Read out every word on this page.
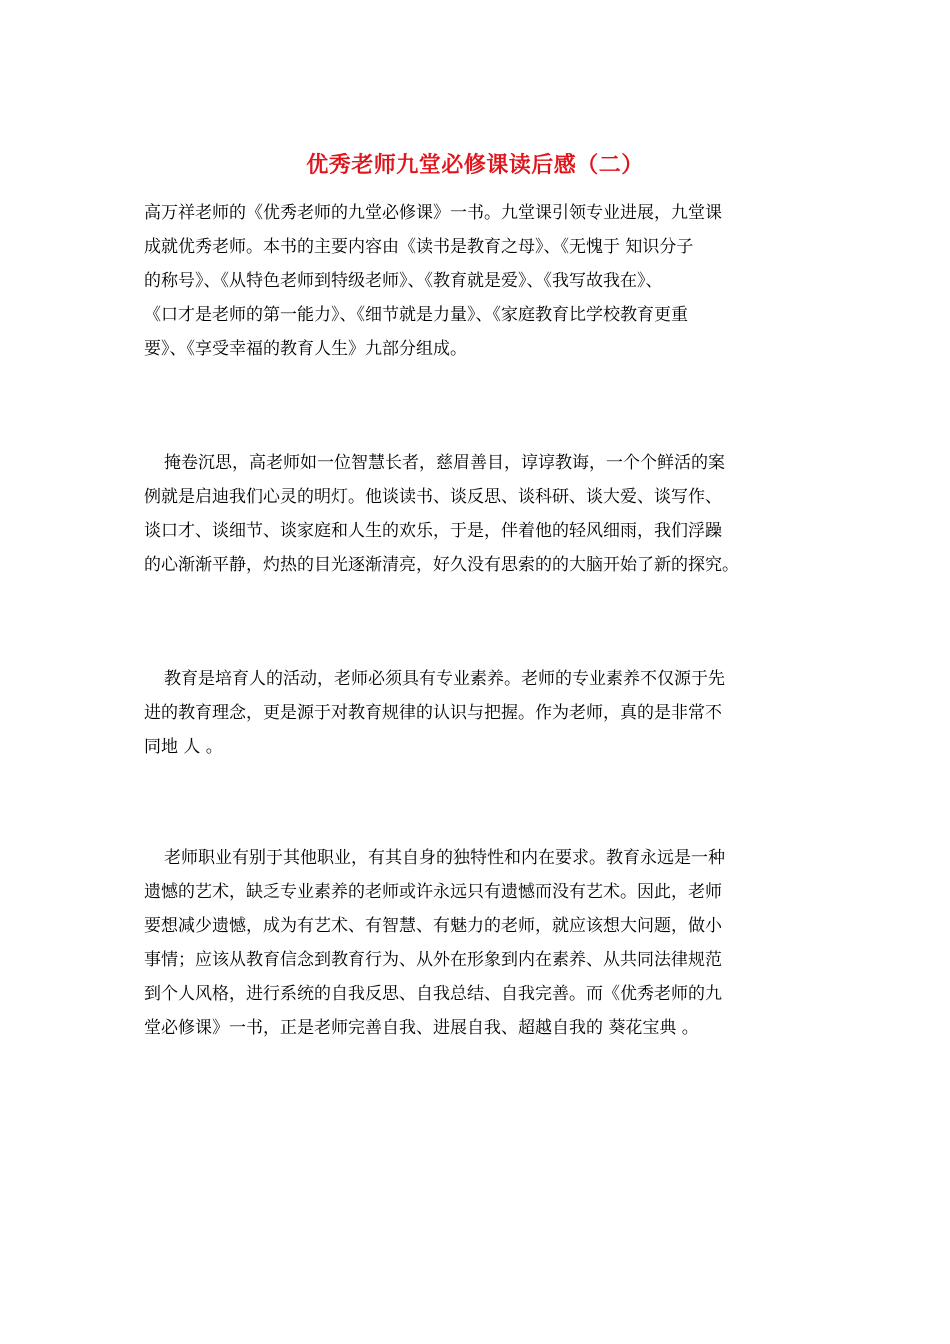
优秀老师九堂必修课读后感（二）
高万祥老师的《优秀老师的九堂必修课》一书。九堂课引领专业进展，九堂课
成就优秀老师。本书的主要内容由《读书是教育之母》、《无愧于 知识分子
的称号》、《从特色老师到特级老师》、《教育就是爱》、《我写故我在》、
《口才是老师的第一能力》、《细节就是力量》、《家庭教育比学校教育更重
要》、《享受幸福的教育人生》九部分组成。
掩卷沉思，高老师如一位智慧长者，慈眉善目，谆谆教诲，一个个鲜活的案
例就是启迪我们心灵的明灯。他谈读书、谈反思、谈科研、谈大爱、谈写作、
谈口才、谈细节、谈家庭和人生的欢乐，于是，伴着他的轻风细雨，我们浮躁
的心渐渐平静，灼热的目光逐渐清亮，好久没有思索的的大脑开始了新的探究。
教育是培育人的活动，老师必须具有专业素养。老师的专业素养不仅源于先
进的教育理念，更是源于对教育规律的认识与把握。作为老师，真的是非常不
同地 人 。
老师职业有别于其他职业，有其自身的独特性和内在要求。教育永远是一种
遗憾的艺术，缺乏专业素养的老师或许永远只有遗憾而没有艺术。因此，老师
要想减少遗憾，成为有艺术、有智慧、有魅力的老师，就应该想大问题，做小
事情；应该从教育信念到教育行为、从外在形象到内在素养、从共同法律规范
到个人风格，进行系统的自我反思、自我总结、自我完善。而《优秀老师的九
堂必修课》一书，正是老师完善自我、进展自我、超越自我的 葵花宝典 。
